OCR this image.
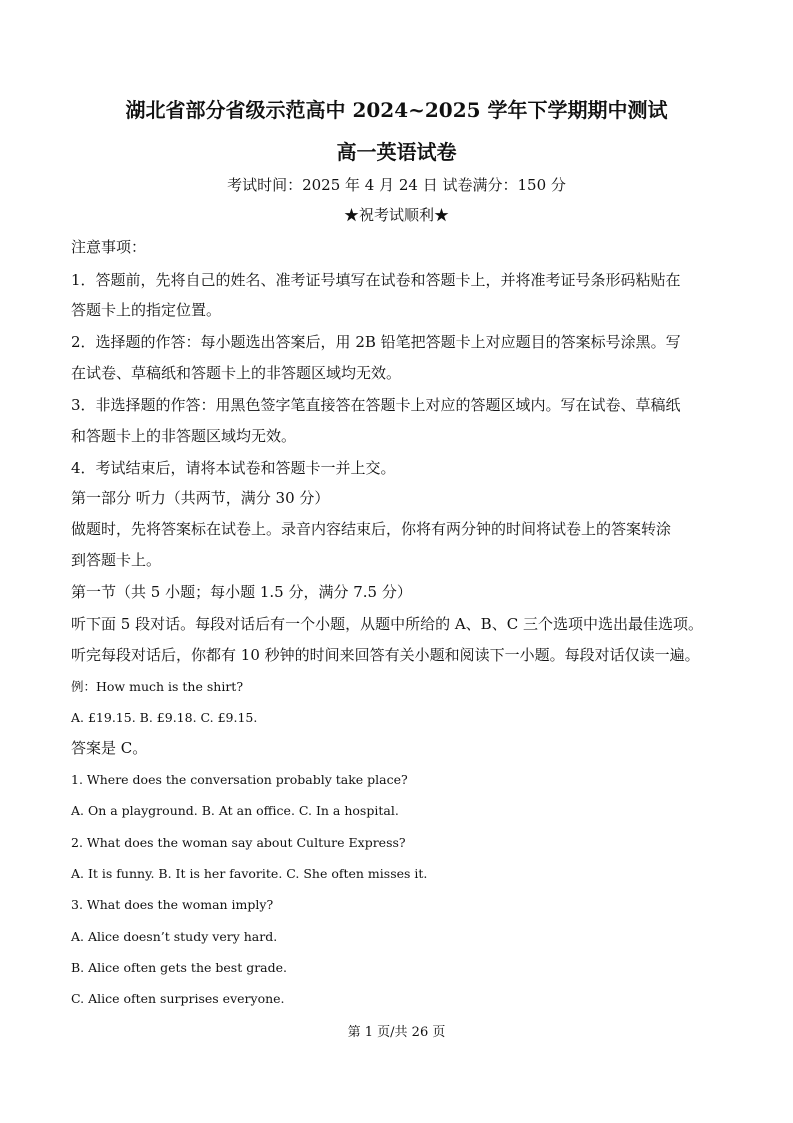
湖北省部分省级示范高中 2024~2025 学年下学期期中测试
高一英语试卷
考试时间：2025 年 4 月 24 日 试卷满分：150 分
★祝考试顺利★
注意事项：
1．答题前，先将自己的姓名、准考证号填写在试卷和答题卡上，并将准考证号条形码粘贴在
答题卡上的指定位置。
2．选择题的作答：每小题选出答案后，用 2B 铅笔把答题卡上对应题目的答案标号涂黑。写
在试卷、草稿纸和答题卡上的非答题区域均无效。
3．非选择题的作答：用黑色签字笔直接答在答题卡上对应的答题区域内。写在试卷、草稿纸
和答题卡上的非答题区域均无效。
4．考试结束后，请将本试卷和答题卡一并上交。
第一部分 听力（共两节，满分 30 分）
做题时，先将答案标在试卷上。录音内容结束后，你将有两分钟的时间将试卷上的答案转涂
到答题卡上。
第一节（共 5 小题；每小题 1.5 分，满分 7.5 分）
听下面 5 段对话。每段对话后有一个小题，从题中所给的 A、B、C 三个选项中选出最佳选项。
听完每段对话后，你都有 10 秒钟的时间来回答有关小题和阅读下一小题。每段对话仅读一遍。
例：How much is the shirt?
A. £19.15. B. £9.18. C. £9.15.
答案是 C。
1. Where does the conversation probably take place?
A. On a playground. B. At an office. C. In a hospital.
2. What does the woman say about Culture Express?
A. It is funny. B. It is her favorite. C. She often misses it.
3. What does the woman imply?
A. Alice doesn’t study very hard.
B. Alice often gets the best grade.
C. Alice often surprises everyone.
第 1 页/共 26 页
